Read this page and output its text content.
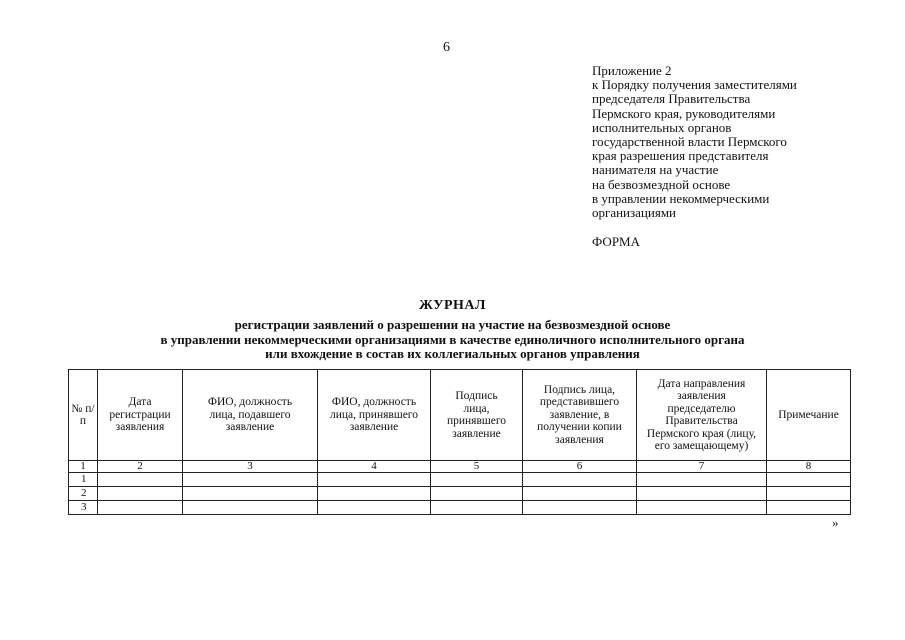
6
Приложение 2
к Порядку получения заместителями
председателя Правительства
Пермского края, руководителями
исполнительных органов
государственной власти Пермского
края разрешения представителя
нанимателя на участие
на безвозмездной основе
в управлении некоммерческими
организациями
ФОРМА
ЖУРНАЛ
регистрации заявлений о разрешении на участие на безвозмездной основе
в управлении некоммерческими организациями в качестве единоличного исполнительного органа
или вхождение в состав их коллегиальных органов управления
№ п/п	Дата регистрации заявления	ФИО, должность лица, подавшего заявление	ФИО, должность лица, принявшего заявление	Подпись лица, принявшего заявление	Подпись лица, представившего заявление, в получении копии заявления	Дата направления заявления председателю Правительства Пермского края (лицу, его замещающему)	Примечание
1	2	3	4	5	6	7	8
1							
2							
3							
»
